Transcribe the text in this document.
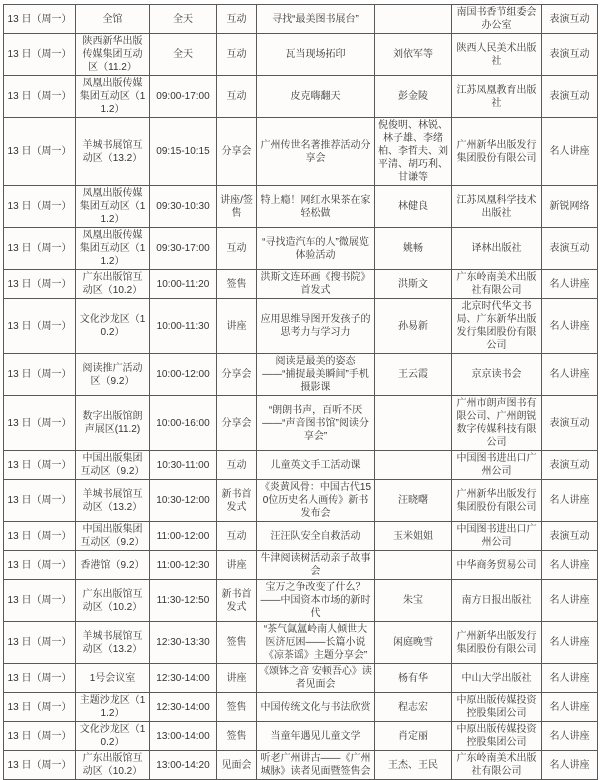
13 日（周一）	全馆	全天	互动	寻找“最美图书展台”		南国书香节组委会办公室	表演互动
13 日（周一）	陕西新华出版传媒集团互动区（11.2）	全天	互动	瓦当现场拓印	刘依军等	陕西人民美术出版社	表演互动
13 日（周一）	凤凰出版传媒集团互动区（11.2）	09:00-17:00	互动	皮克嗨翻天	彭金陵	江苏凤凰教育出版社	表演互动
13 日（周一）	羊城书展馆互动区（13.2）	09:15-10:15	分享会	广州传世名著推荐活动分享会	倪俊明、林锐、林子雄、李绪柏、李哲夫、刘平清、胡巧利、甘谦等	广州新华出版发行集团股份有限公司	名人讲座
13 日（周一）	凤凰出版传媒集团互动区（11.2）	09:30-10:30	讲座/签售	特上瘾！网红水果茶在家轻松做	林健良	江苏凤凰科学技术出版社	新锐网络
13 日（周一）	凤凰出版传媒集团互动区（11.2）	09:30-17:00	互动	“寻找造汽车的人”微展览体验活动	姚畅	译林出版社	表演互动
13 日（周一）	广东出版馆互动区（10.2）	10:00-11:20	签售	洪斯文连环画《搜书院》首发式	洪斯文	广东岭南美术出版社有限公司	名人讲座
13 日（周一）	文化沙龙区（10.2）	10:00-11:30	讲座	应用思维导图开发孩子的思考力与学习力	孙易新	北京时代华文书局、广东新华出版发行集团股份有限公司	名人讲座
13 日（周一）	阅读推广活动区（9.2）	10:00-12:00	分享会	阅读是最美的姿态——“捕捉最美瞬间”手机摄影课	王云霞	京京读书会	名人讲座
13 日（周一）	数字出版馆朗声展区(11.2)	10:00-16:00	分享会	“朗朗书声，百听不厌——“声音图书馆”阅读分享会”		广州市朗声图书有限公司、广州朗锐数字传媒科技有限公司	表演互动
13 日（周一）	中国出版集团互动区（9.2）	10:30-11:00	互动	儿童英文手工活动课		中国图书进出口广州公司	表演互动
13 日（周一）	羊城书展馆互动区（13.2）	10:30-12:00	新书首发式	《炎黄风骨：中国古代150位历史名人画传》新书发布会	汪晓曙	广州新华出版发行集团股份有限公司	名人讲座
13 日（周一）	中国出版集团互动区（9.2）	11:00-12:00	互动	汪汪队安全自救活动	玉米姐姐	中国图书进出口广州公司	表演互动
13 日（周一）	香港馆（9.2）	11:00-12:30	讲座	牛津阅读树活动亲子故事会		中华商务贸易公司	名人讲座
13 日（周一）	广东出版馆互动区（10.2）	11:30-12:50	新书首发式	宝万之争改变了什么？——中国资本市场的新时代	朱宝	南方日报出版社	名人讲座
13 日（周一）	羊城书展馆互动区（13.2）	12:30-13:30	签售	“茶气氤氲岭南人倾世大医济厄困——长篇小说《凉茶谣》主题分享会”	闲庭晚雪	广州新华出版发行集团股份有限公司	名人讲座
13 日（周一）	1号会议室	12:30-14:00	讲座	《颂钵之音 安顿吾心》读者见面会	杨有华	中山大学出版社	名人讲座
13 日（周一）	主题沙龙区（11.2）	12:30-14:00	签售	中国传统文化与书法欣赏	程志宏	中原出版传媒投资控股集团公司	名人讲座
13 日（周一）	文化沙龙区（10.2）	13:00-14:00	签售	当童年遇见儿童文学	肖定丽	中原出版传媒投资控股集团公司	名人讲座
13 日（周一）	广东出版馆互动区（10.2）	13:00-14:20	见面会	听老广州讲古——《广州城脉》读者见面暨签售会	王杰、王民	广东岭南美术出版社有限公司	名人讲座
